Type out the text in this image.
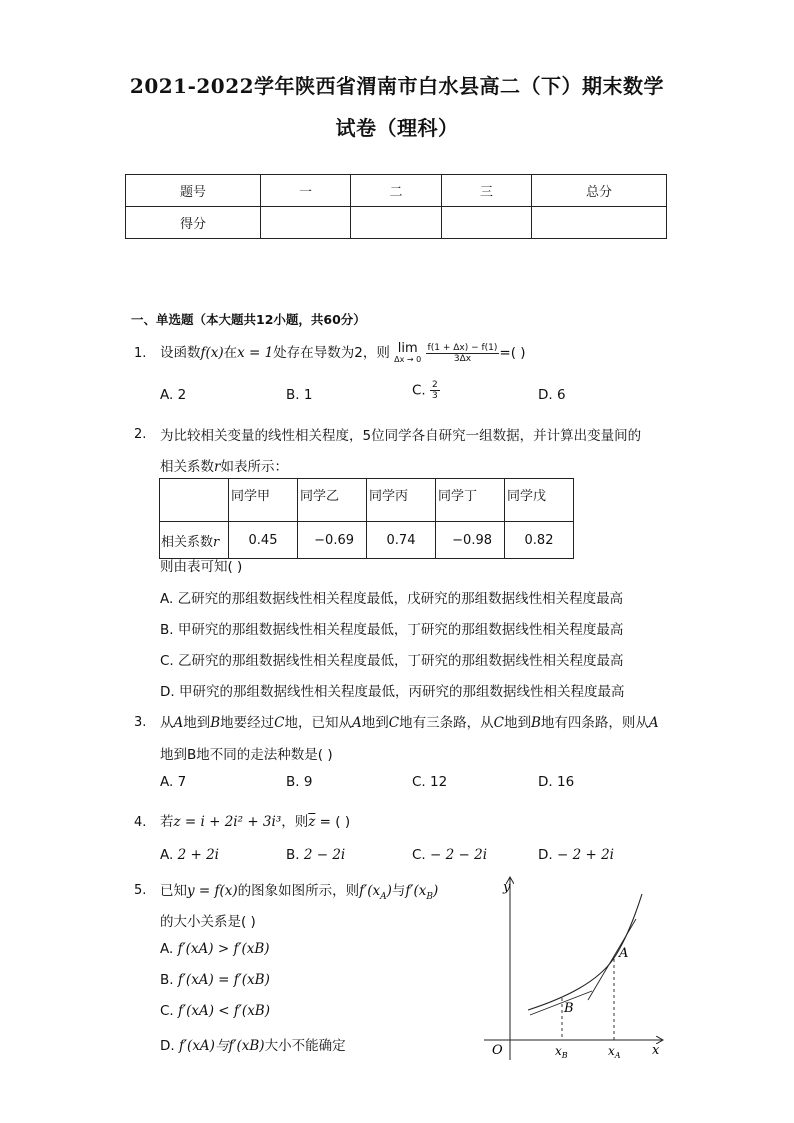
2021-2022学年陕西省渭南市白水县高二（下）期末数学
试卷（理科）
题号	一	二	三	总分
得分				
一、单选题（本大题共12小题，共60分）
1. 设函数f(x)在x = 1处存在导数为2，则 lim
Δx → 0
$\frac{f(1 + \Delta x) - f(1)}{3\Delta x}$ =( )
A. 2	B. 1	C. $\frac{2}{3}$	D. 6
2. 为比较相关变量的线性相关程度，5位同学各自研究一组数据，并计算出变量间的
相关系数r如表所示：
	同学甲	同学乙	同学丙	同学丁	同学戊
相关系数r	0.45	−0.69	0.74	−0.98	0.82
则由表可知( )
A. 乙研究的那组数据线性相关程度最低，戊研究的那组数据线性相关程度最高
B. 甲研究的那组数据线性相关程度最低，丁研究的那组数据线性相关程度最高
C. 乙研究的那组数据线性相关程度最低，丁研究的那组数据线性相关程度最高
D. 甲研究的那组数据线性相关程度最低，丙研究的那组数据线性相关程度最高
3. 从A地到B地要经过C地，已知从A地到C地有三条路，从C地到B地有四条路，则从A
地到B地不同的走法种数是( )
A. 7	B. 9	C. 12	D. 16
4. 若z = i + 2i² + 3i³，则$\overline{z}$ = ( )
A. 2 + 2i	B. 2 − 2i	C. − 2 − 2i	D. − 2 + 2i
5. 已知y = f(x)的图象如图所示，则$f'(x_A)$与$f'(x_B)$
的大小关系是( )
A. f′(xA) > f′(xB)
B. f′(xA) = f′(xB)
C. f′(xA) < f′(xB)
D. f′(xA)与f′(xB)大小不能确定
y
x
O
A
B
$x_B$	$x_A$
